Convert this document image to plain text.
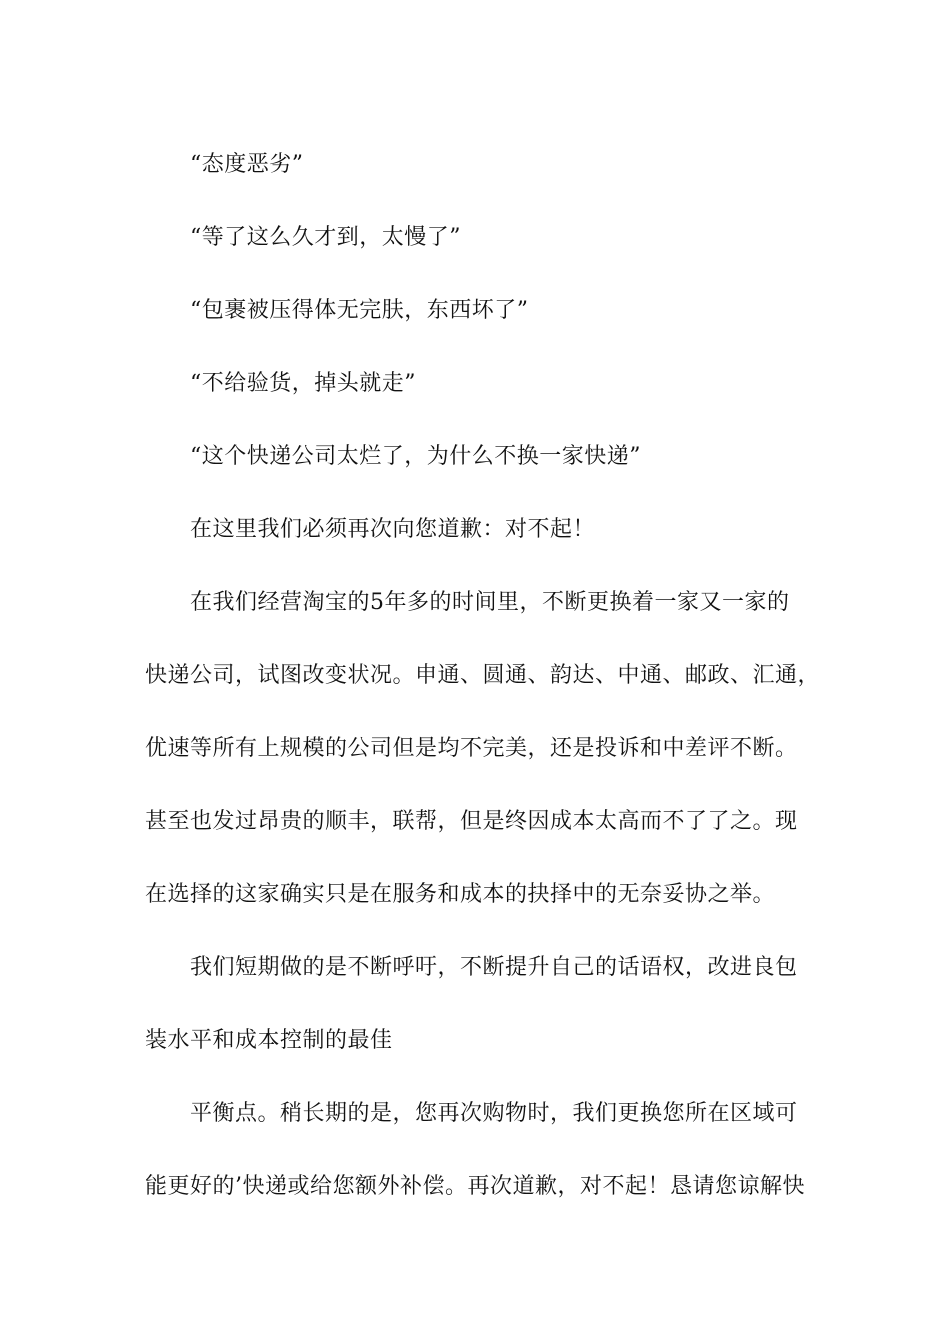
“态度恶劣”
“等了这么久才到，太慢了”
“包裹被压得体无完肤，东西坏了”
“不给验货，掉头就走”
“这个快递公司太烂了，为什么不换一家快递”
在这里我们必须再次向您道歉：对不起！
在我们经营淘宝的5年多的时间里，不断更换着一家又一家的
快递公司，试图改变状况。申通、圆通、韵达、中通、邮政、汇通，
优速等所有上规模的公司但是均不完美，还是投诉和中差评不断。
甚至也发过昂贵的顺丰，联帮，但是终因成本太高而不了了之。现
在选择的这家确实只是在服务和成本的抉择中的无奈妥协之举。
我们短期做的是不断呼吁，不断提升自己的话语权，改进良包
装水平和成本控制的最佳
平衡点。稍长期的是，您再次购物时，我们更换您所在区域可
能更好的’快递或给您额外补偿。再次道歉，对不起！恳请您谅解快
